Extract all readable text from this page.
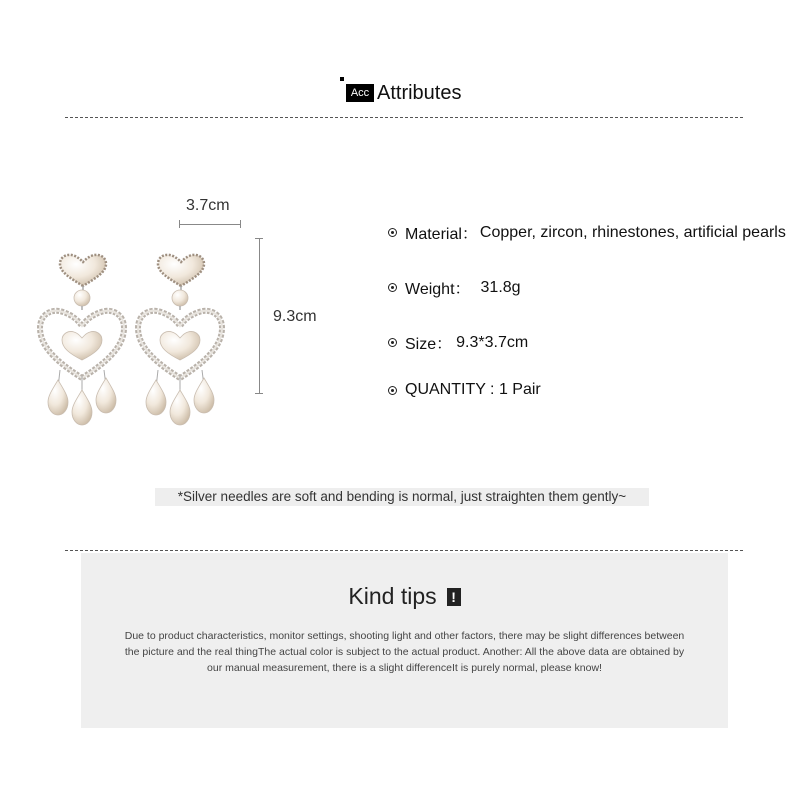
Acc Attributes
3.7cm
9.3cm
Material： Copper, zircon, rhinestones, artificial pearls
Weight： 31.8g
Size： 9.3*3.7cm
QUANTITY : 1 Pair
*Silver needles are soft and bending is normal, just straighten them gently~
Kind tips !
Due to product characteristics, monitor settings, shooting light and other factors, there may be slight differences between the picture and the real thingThe actual color is subject to the actual product. Another: All the above data are obtained by our manual measurement, there is a slight differenceIt is purely normal, please know!
